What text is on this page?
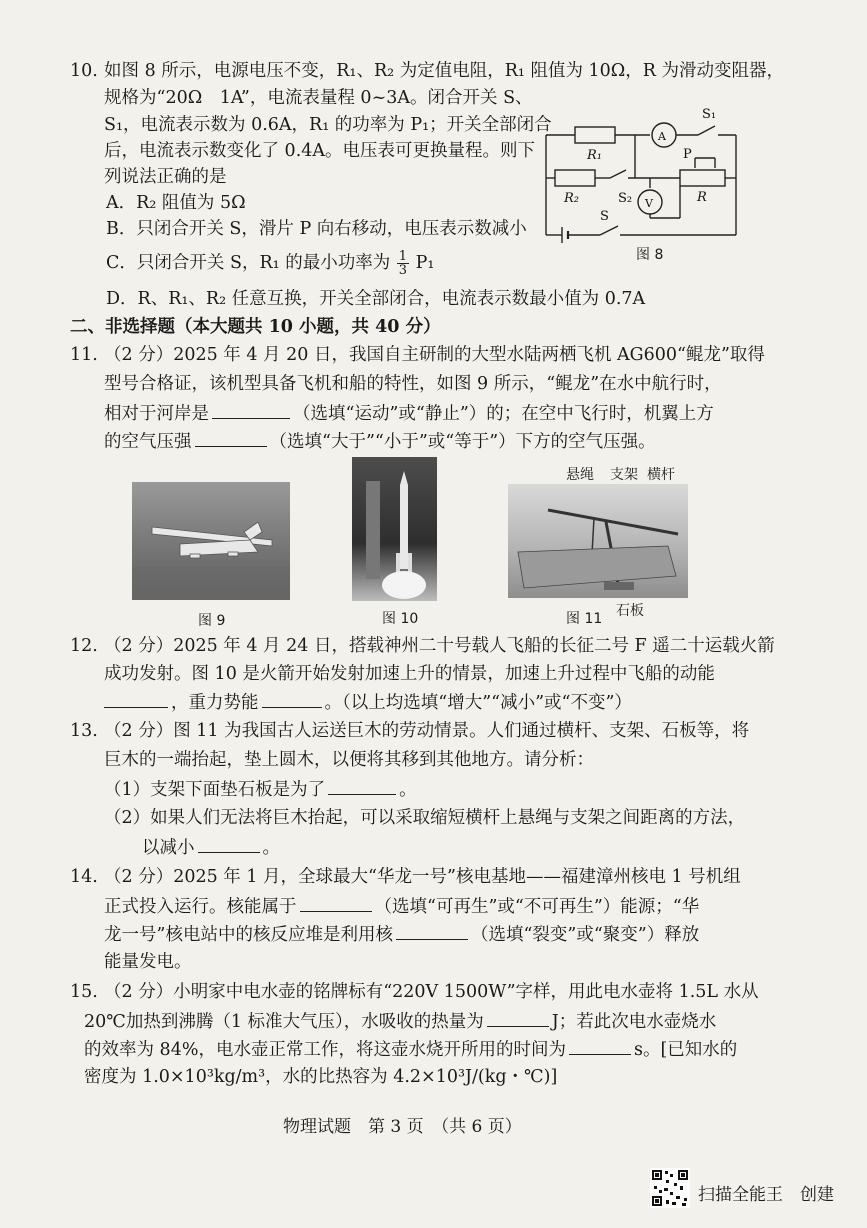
10. 如图 8 所示，电源电压不变，R₁、R₂ 为定值电阻，R₁ 阻值为 10Ω，R 为滑动变阻器，
规格为“20Ω　1A”，电流表量程 0~3A。闭合开关 S、
S₁，电流表示数为 0.6A，R₁ 的功率为 P₁；开关全部闭合
后，电流表示数变化了 0.4A。电压表可更换量程。则下
列说法正确的是
A．R₂ 阻值为 5Ω
B．只闭合开关 S，滑片 P 向右移动，电压表示数减小
C．只闭合开关 S，R₁ 的最小功率为 $\frac{1}{3} P_1$
D．R、R₁、R₂ 任意互换，开关全部闭合，电流表示数最小值为 0.7A
R₁
R₂	R
A
V
S₁
S₂
P
S
图 8
二、非选择题（本大题共 10 小题，共 40 分）
11. （2 分）2025 年 4 月 20 日，我国自主研制的大型水陆两栖飞机 AG600“鲲龙”取得
型号合格证，该机型具备飞机和船的特性，如图 9 所示，“鲲龙”在水中航行时，
相对于河岸是	（选填“运动”或“静止”）的；在空中飞行时，机翼上方
的空气压强	（选填“大于”“小于”或“等于”）下方的空气压强。
图 9	图 10
悬绳 支架 横杆
石板
图 11
12. （2 分）2025 年 4 月 24 日，搭载神州二十号载人飞船的长征二号 F 遥二十运载火箭
成功发射。图 10 是火箭开始发射加速上升的情景，加速上升过程中飞船的动能
，重力势能	。（以上均选填“增大”“减小”或“不变”）
13. （2 分）图 11 为我国古人运送巨木的劳动情景。人们通过横杆、支架、石板等，将
巨木的一端抬起，垫上圆木，以便将其移到其他地方。请分析：
（1）支架下面垫石板是为了	。
（2）如果人们无法将巨木抬起，可以采取缩短横杆上悬绳与支架之间距离的方法，
以减小	。
14. （2 分）2025 年 1 月，全球最大“华龙一号”核电基地——福建漳州核电 1 号机组
正式投入运行。核能属于	（选填“可再生”或“不可再生”）能源；“华
龙一号”核电站中的核反应堆是利用核	（选填“裂变”或“聚变”）释放
能量发电。
15. （2 分）小明家中电水壶的铭牌标有“220V 1500W”字样，用此电水壶将 1.5L 水从
20℃加热到沸腾（1 标准大气压），水吸收的热量为	J；若此次电水壶烧水
的效率为 84%，电水壶正常工作，将这壶水烧开所用的时间为	s。[已知水的
密度为 1.0×10³kg/m³，水的比热容为 4.2×10³J/(kg・℃)]
物理试题　第 3 页　（共 6 页）
扫描全能王　创建
